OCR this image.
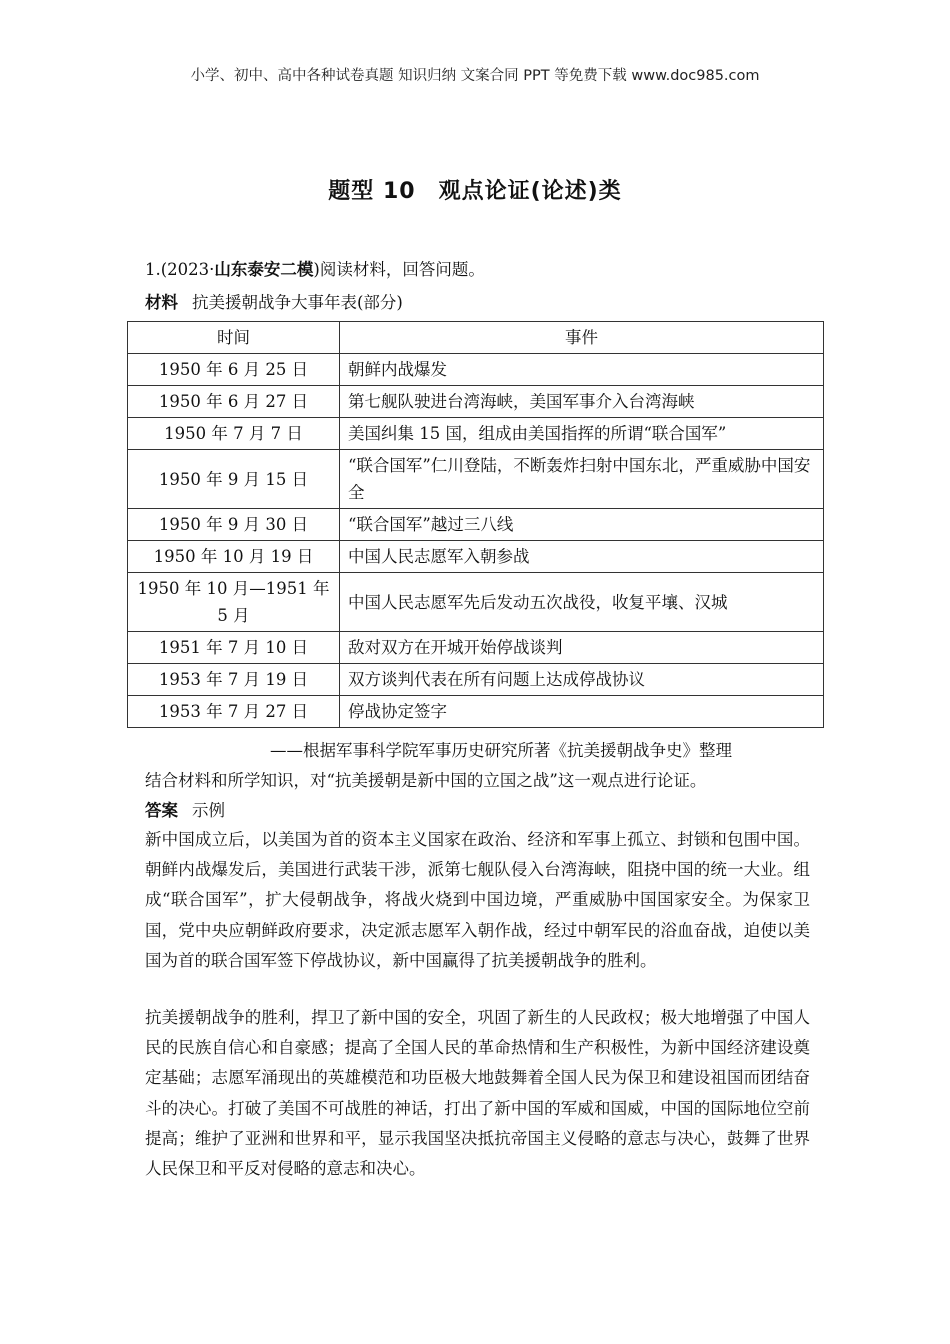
小学、初中、高中各种试卷真题 知识归纳 文案合同 PPT 等免费下载 www.doc985.com
题型 10　观点论证(论述)类
1.(2023·山东泰安二模)阅读材料，回答问题。
材料 抗美援朝战争大事年表(部分)
时间	事件
1950 年 6 月 25 日	朝鲜内战爆发
1950 年 6 月 27 日	第七舰队驶进台湾海峡，美国军事介入台湾海峡
1950 年 7 月 7 日	美国纠集 15 国，组成由美国指挥的所谓“联合国军”
1950 年 9 月 15 日	“联合国军”仁川登陆，不断轰炸扫射中国东北，严重威胁中国安全
1950 年 9 月 30 日	“联合国军”越过三八线
1950 年 10 月 19 日	中国人民志愿军入朝参战
1950 年 10 月—1951 年 5 月	中国人民志愿军先后发动五次战役，收复平壤、汉城
1951 年 7 月 10 日	敌对双方在开城开始停战谈判
1953 年 7 月 19 日	双方谈判代表在所有问题上达成停战协议
1953 年 7 月 27 日	停战协定签字
——根据军事科学院军事历史研究所著《抗美援朝战争史》整理
结合材料和所学知识，对“抗美援朝是新中国的立国之战”这一观点进行论证。
答案 示例
新中国成立后，以美国为首的资本主义国家在政治、经济和军事上孤立、封锁和包围中国。朝鲜内战爆发后，美国进行武装干涉，派第七舰队侵入台湾海峡，阻挠中国的统一大业。组成“联合国军”，扩大侵朝战争，将战火烧到中国边境，严重威胁中国国家安全。为保家卫国，党中央应朝鲜政府要求，决定派志愿军入朝作战，经过中朝军民的浴血奋战，迫使以美国为首的联合国军签下停战协议，新中国赢得了抗美援朝战争的胜利。
抗美援朝战争的胜利，捍卫了新中国的安全，巩固了新生的人民政权；极大地增强了中国人民的民族自信心和自豪感；提高了全国人民的革命热情和生产积极性，为新中国经济建设奠定基础；志愿军涌现出的英雄模范和功臣极大地鼓舞着全国人民为保卫和建设祖国而团结奋斗的决心。打破了美国不可战胜的神话，打出了新中国的军威和国威，中国的国际地位空前提高；维护了亚洲和世界和平，显示我国坚决抵抗帝国主义侵略的意志与决心，鼓舞了世界人民保卫和平反对侵略的意志和决心。
